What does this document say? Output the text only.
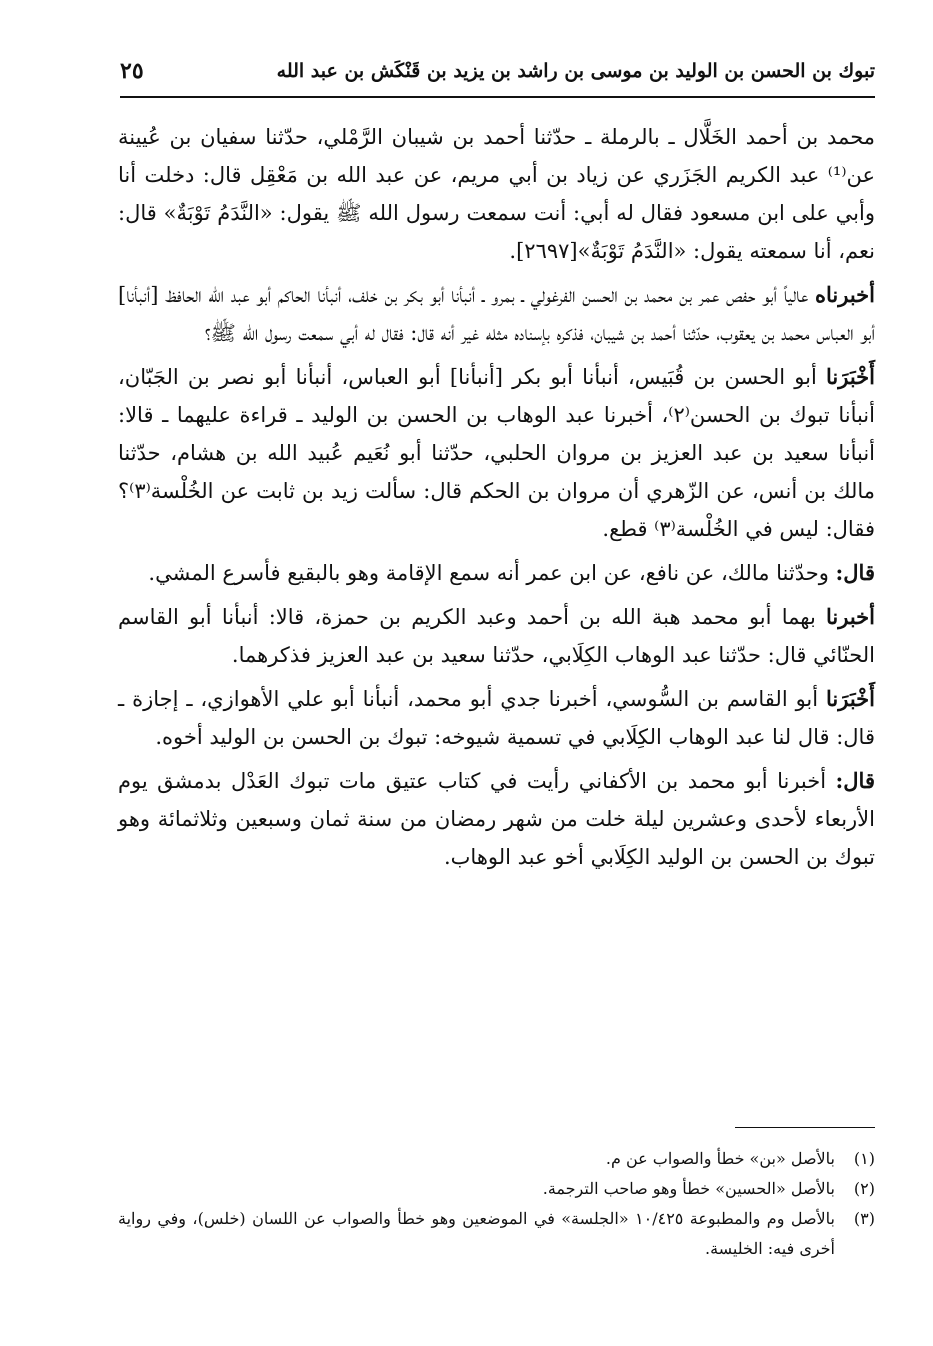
تبوك بن الحسن بن الوليد بن موسى بن راشد بن يزيد بن قَنْكَش بن عبد الله
٢٥

محمد بن أحمد الخَلَّال ـ بالرملة ـ حدّثنا أحمد بن شيبان الرَّمْلي، حدّثنا سفيان بن عُيينة عن⁽¹⁾ عبد الكريم الجَزَري عن زياد بن أبي مريم، عن عبد الله بن مَعْقِل قال: دخلت أنا وأبي على ابن مسعود فقال له أبي: أنت سمعت رسول الله ﷺ يقول: «النَّدَمُ تَوْبَةٌ» قال: نعم، أنا سمعته يقول: «النَّدَمُ تَوْبَةٌ»[٢٦٩٧].

أخبرناه عالياً أبو حفص عمر بن محمد بن الحسن الفرغولي ـ بمرو ـ أنبأنا أبو بكر بن خلف، أنبأنا الحاكم أبو عبد الله الحافظ [أنبأنا] أبو العباس محمد بن يعقوب، حدّثنا أحمد بن شيبان، فذكره بإسناده مثله غير أنه قال: فقال له أبي سمعت رسول الله ﷺ؟

أَخْبَرَنا أبو الحسن بن قُبَيس، أنبأنا أبو بكر [أنبأنا] أبو العباس، أنبأنا أبو نصر بن الجَبّان، أنبأنا تبوك بن الحسن⁽٢⁾، أخبرنا عبد الوهاب بن الحسن بن الوليد ـ قراءة عليهما ـ قالا: أنبأنا سعيد بن عبد العزيز بن مروان الحلبي، حدّثنا أبو نُعَيم عُبيد الله بن هشام، حدّثنا مالك بن أنس، عن الزّهري أن مروان بن الحكم قال: سألت زيد بن ثابت عن الخُلْسة⁽٣⁾؟ فقال: ليس في الخُلْسة⁽٣⁾ قطع.

قال: وحدّثنا مالك، عن نافع، عن ابن عمر أنه سمع الإقامة وهو بالبقيع فأسرع المشي.

أخبرنا بهما أبو محمد هبة الله بن أحمد وعبد الكريم بن حمزة، قالا: أنبأنا أبو القاسم الحنّائي قال: حدّثنا عبد الوهاب الكِلَابي، حدّثنا سعيد بن عبد العزيز فذكرهما.

أَخْبَرَنا أبو القاسم بن السُّوسي، أخبرنا جدي أبو محمد، أنبأنا أبو علي الأهوازي، ـ إجازة ـ قال: قال لنا عبد الوهاب الكِلَابي في تسمية شيوخه: تبوك بن الحسن بن الوليد أخوه.

قال: أخبرنا أبو محمد بن الأكفاني رأيت في كتاب عتيق مات تبوك العَدْل بدمشق يوم الأربعاء لأحدى وعشرين ليلة خلت من شهر رمضان من سنة ثمان وسبعين وثلاثمائة وهو تبوك بن الحسن بن الوليد الكِلَابي أخو عبد الوهاب.

(١)
بالأصل «بن» خطأ والصواب عن م.
(٢)
بالأصل «الحسين» خطأ وهو صاحب الترجمة.
(٣)
بالأصل وم والمطبوعة ١٠/٤٢٥ «الجلسة» في الموضعين وهو خطأ والصواب عن اللسان (خلس)، وفي رواية أخرى فيه: الخليسة.
